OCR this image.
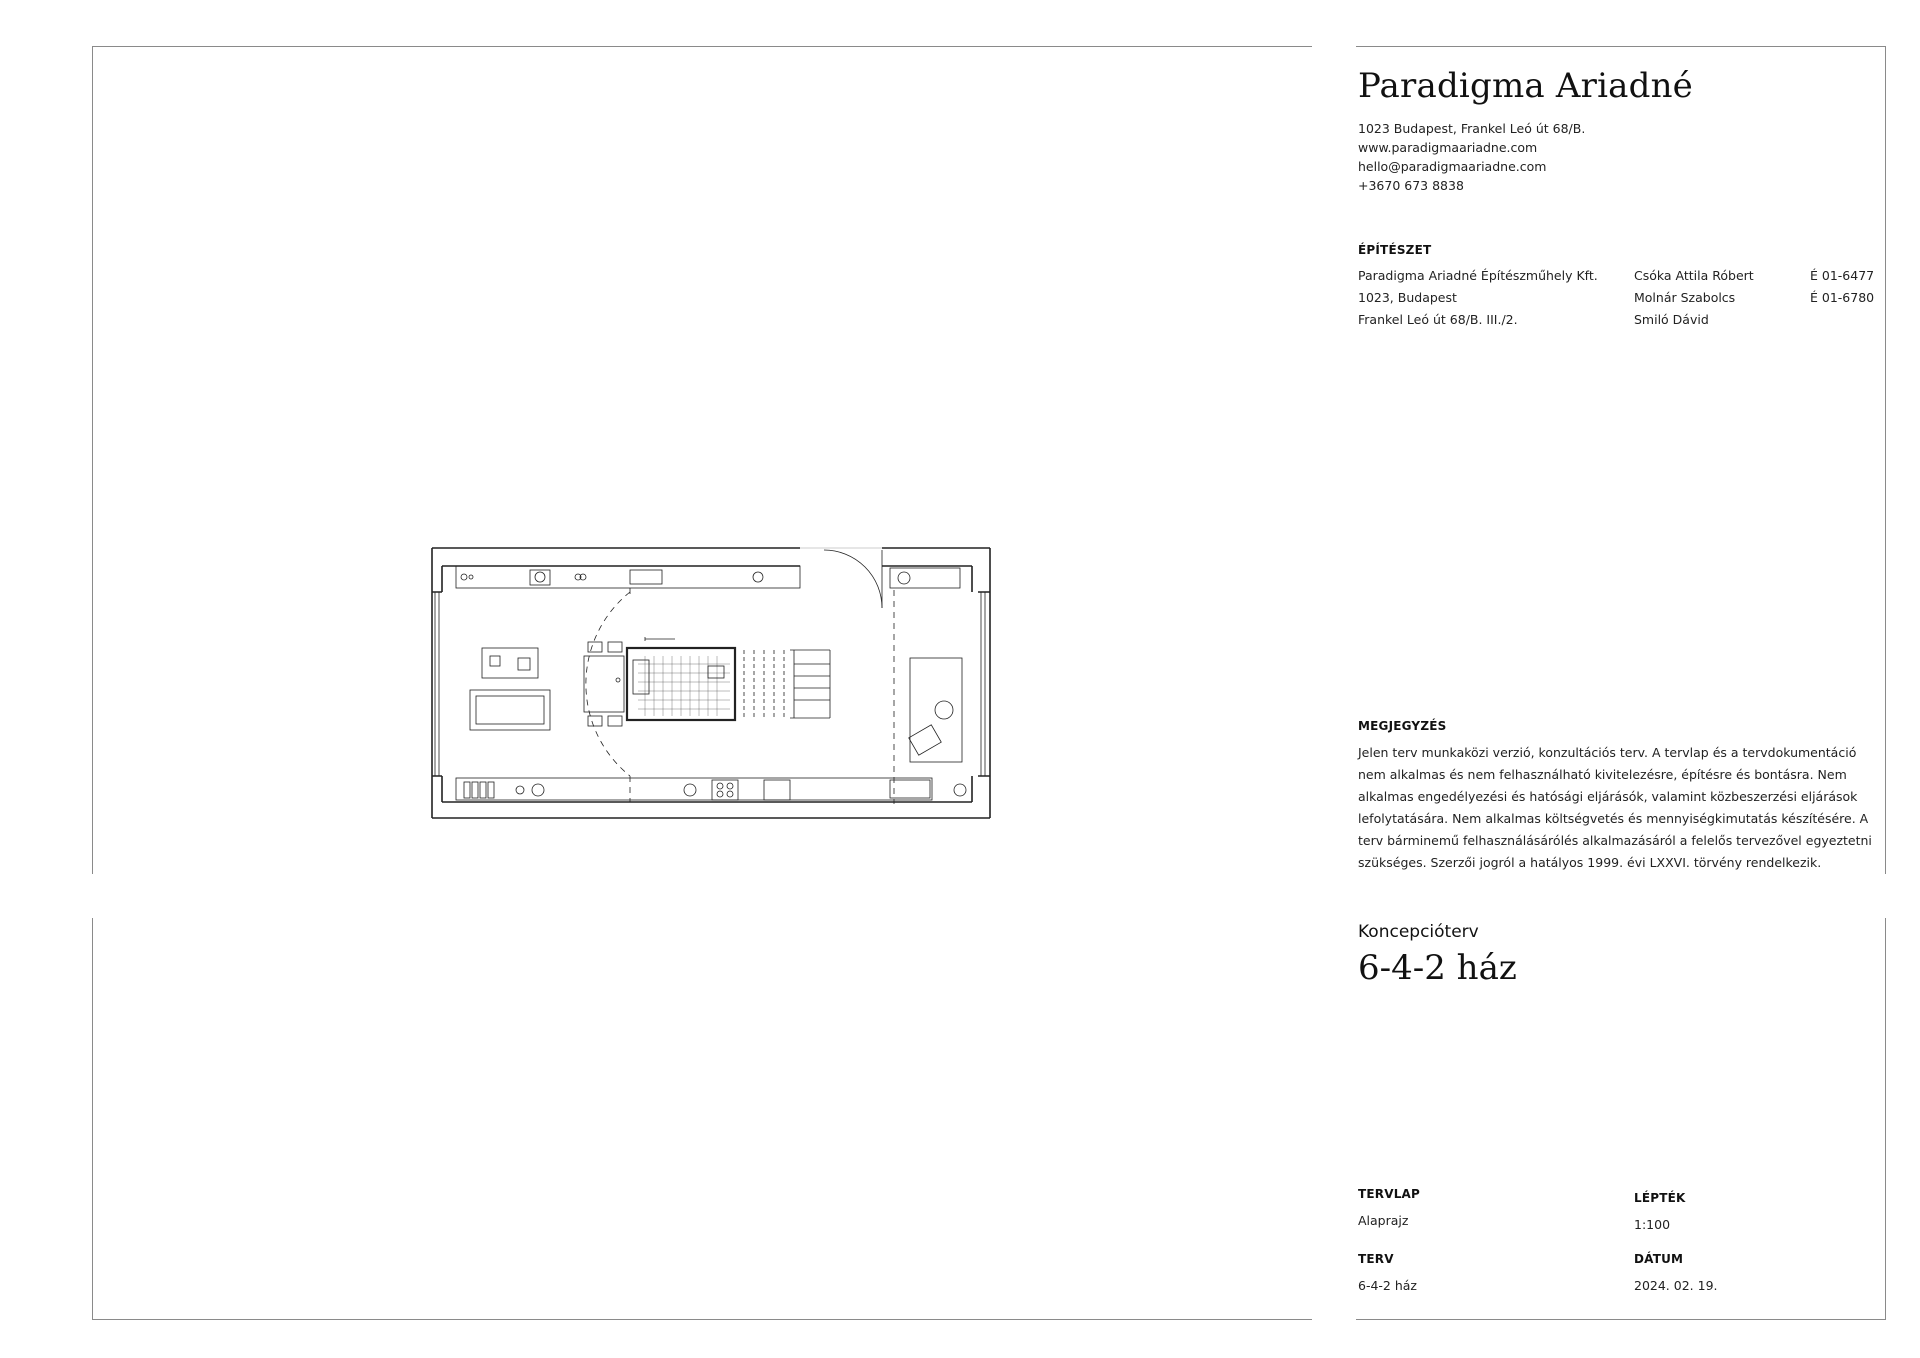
Paradigma Ariadné
1023 Budapest, Frankel Leó út 68/B.
www.paradigmaariadne.com
hello@paradigmaariadne.com
+3670 673 8838
ÉPÍTÉSZET
Paradigma Ariadné Építészműhely Kft.
1023, Budapest
Frankel Leó út 68/B. III./2.
Csóka Attila Róbert
Molnár Szabolcs
Smiló Dávid
É 01-6477
É 01-6780
MEGJEGYZÉS
Jelen terv munkaközi verzió, konzultációs terv. A tervlap és a tervdokumentáció nem alkalmas és nem felhasználható kivitelezésre, építésre és bontásra. Nem alkalmas engedélyezési és hatósági eljárásók, valamint közbeszerzési eljárások lefolytatására. Nem alkalmas költségvetés és mennyiségkimutatás készítésére. A terv bárminemű felhasználásárólés alkalmazásáról a felelős tervezővel egyeztetni szükséges. Szerzői jogról a hatályos 1999. évi LXXVI. törvény rendelkezik.
Koncepcióterv
6-4-2 ház
TERVLAP
Alaprajz
LÉPTÉK
1:100
TERV
6-4-2 ház
DÁTUM
2024. 02. 19.
